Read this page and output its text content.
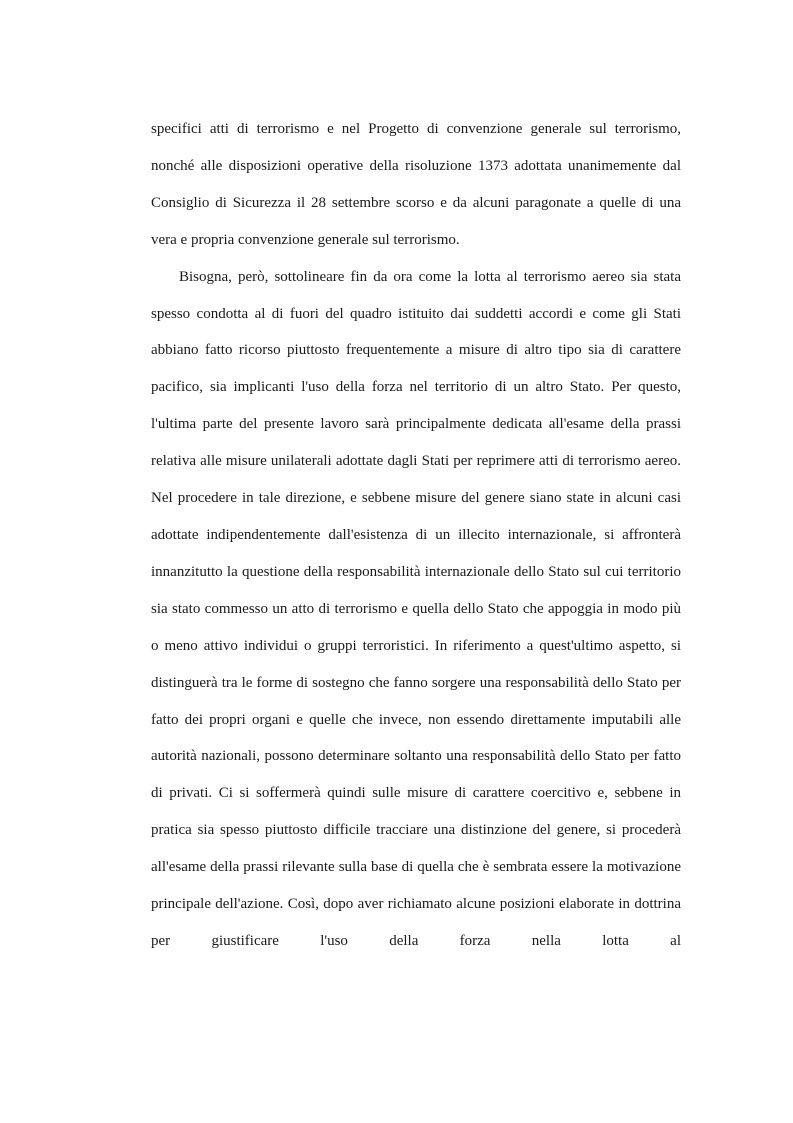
specifici atti di terrorismo e nel Progetto di convenzione generale sul terrorismo, nonché alle disposizioni operative della risoluzione 1373 adottata unanimemente dal Consiglio di Sicurezza il 28 settembre scorso e da alcuni paragonate a quelle di una vera e propria convenzione generale sul terrorismo.

Bisogna, però, sottolineare fin da ora come la lotta al terrorismo aereo sia stata spesso condotta al di fuori del quadro istituito dai suddetti accordi e come gli Stati abbiano fatto ricorso piuttosto frequentemente a misure di altro tipo sia di carattere pacifico, sia implicanti l'uso della forza nel territorio di un altro Stato. Per questo, l'ultima parte del presente lavoro sarà principalmente dedicata all'esame della prassi relativa alle misure unilaterali adottate dagli Stati per reprimere atti di terrorismo aereo. Nel procedere in tale direzione, e sebbene misure del genere siano state in alcuni casi adottate indipendentemente dall'esistenza di un illecito internazionale, si affronterà innanzitutto la questione della responsabilità internazionale dello Stato sul cui territorio sia stato commesso un atto di terrorismo e quella dello Stato che appoggia in modo più o meno attivo individui o gruppi terroristici. In riferimento a quest'ultimo aspetto, si distinguerà tra le forme di sostegno che fanno sorgere una responsabilità dello Stato per fatto dei propri organi e quelle che invece, non essendo direttamente imputabili alle autorità nazionali, possono determinare soltanto una responsabilità dello Stato per fatto di privati. Ci si soffermerà quindi sulle misure di carattere coercitivo e, sebbene in pratica sia spesso piuttosto difficile tracciare una distinzione del genere, si procederà all'esame della prassi rilevante sulla base di quella che è sembrata essere la motivazione principale dell'azione. Così, dopo aver richiamato alcune posizioni elaborate in dottrina per giustificare l'uso della forza nella lotta al
